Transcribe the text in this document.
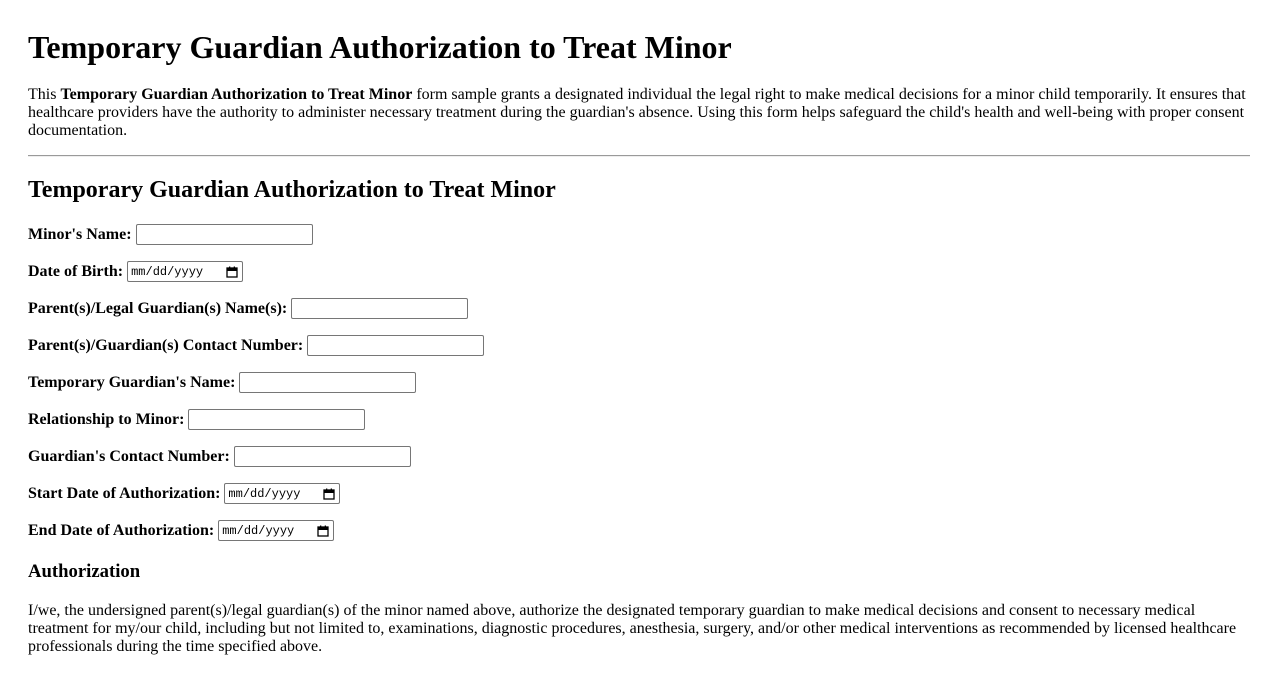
Temporary Guardian Authorization to Treat Minor

This Temporary Guardian Authorization to Treat Minor form sample grants a designated individual the legal right to make medical decisions for a minor child temporarily. It ensures that healthcare providers have the authority to administer necessary treatment during the guardian's absence. Using this form helps safeguard the child's health and well-being with proper consent documentation.

Temporary Guardian Authorization to Treat Minor
Minor's Name:
Date of Birth: mm/dd/yyyy
Parent(s)/Legal Guardian(s) Name(s):
Parent(s)/Guardian(s) Contact Number:
Temporary Guardian's Name:
Relationship to Minor:
Guardian's Contact Number:
Start Date of Authorization: mm/dd/yyyy
End Date of Authorization: mm/dd/yyyy
Authorization

I/we, the undersigned parent(s)/legal guardian(s) of the minor named above, authorize the designated temporary guardian to make medical decisions and consent to necessary medical treatment for my/our child, including but not limited to, examinations, diagnostic procedures, anesthesia, surgery, and/or other medical interventions as recommended by licensed healthcare professionals during the time specified above.
